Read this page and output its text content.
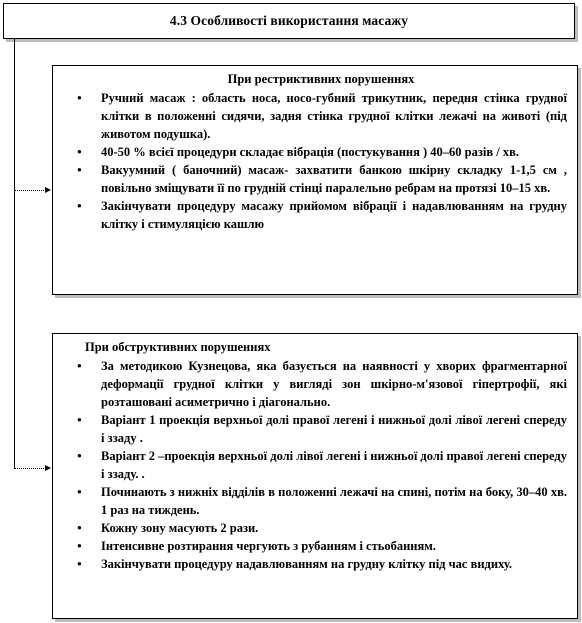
4.3 Особливості використання масажу
При рестриктивних порушеннях
● Ручний масаж : область носа, носо-губний трикутник, передня стінка грудної клітки в положенні сидячи, задня стінка грудної клітки лежачі на животі (під животом подушка).
● 40-50 % всієї процедури складає вібрація (постукування ) 40–60 разів / хв.
● Вакуумний ( баночний) масаж- захватити банкою шкірну складку 1-1,5 см , повільно зміщувати її по грудній стінці паралельно ребрам на протязі 10–15 хв.
● Закінчувати процедуру масажу прийомом вібрації і надавлюванням на грудну клітку і стимуляцією кашлю
При обструктивних порушеннях
● За методикою Кузнецова, яка базується на наявності у хворих фрагментарної деформації грудної клітки у вигляді зон шкірно-м'язової гіпертрофії, які розташовані асиметрично і діагонально.
● Варіант 1 проекція верхньої долі правої легені і нижньої долі лівої легені спереду і ззаду .
● Варіант 2 –проекція верхньої долі лівої легені і нижньої долі правої легені спереду і ззаду. .
● Починають з нижніх відділів в положенні лежачі на спині, потім на боку, 30–40 хв. 1 раз на тиждень.
● Кожну зону масують 2 рази.
● Інтенсивне розтирання чергують з рубанням і стьобанням.
● Закінчувати процедуру надавлюванням на грудну клітку під час видиху.
